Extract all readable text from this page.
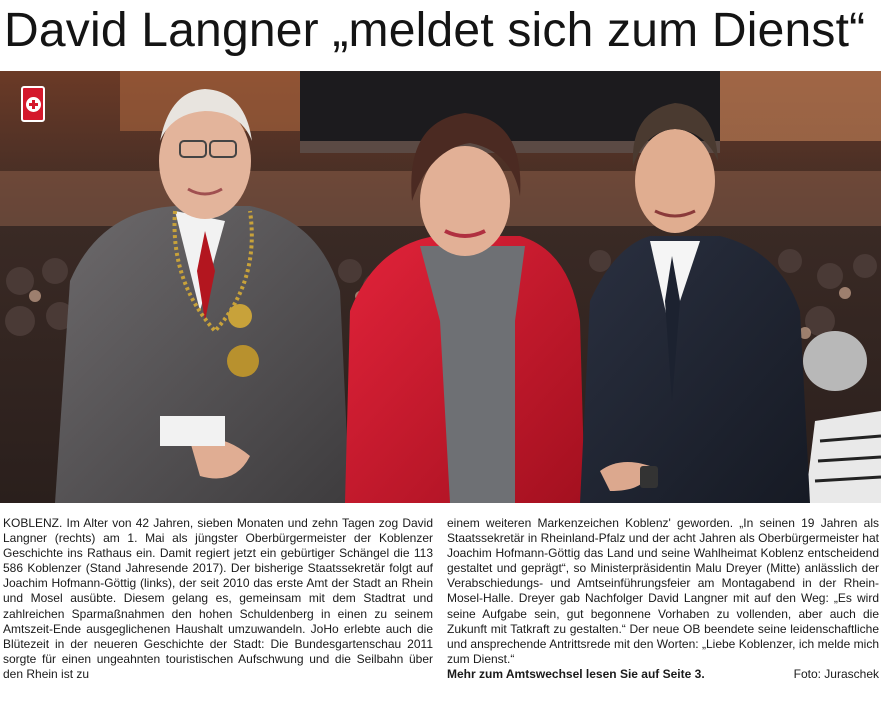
David Langner „meldet sich zum Dienst“

KOBLENZ. Im Alter von 42 Jahren, sieben Monaten und zehn Tagen zog David Langner (rechts) am 1. Mai als jüngster Oberbürgermeister der Koblenzer Geschichte ins Rathaus ein. Damit regiert jetzt ein gebürtiger Schängel die 113 586 Koblenzer (Stand Jahresende 2017). Der bisherige Staatssekretär folgt auf Joachim Hofmann-Göttig (links), der seit 2010 das erste Amt der Stadt an Rhein und Mosel ausübte. Diesem gelang es, gemeinsam mit dem Stadtrat und zahlreichen Sparmaßnahmen den hohen Schuldenberg in einen zu seinem Amtszeit-Ende ausgeglichenen Haushalt umzuwandeln. JoHo erlebte auch die Blütezeit in der neueren Geschichte der Stadt: Die Bundesgartenschau 2011 sorgte für einen ungeahnten touristischen Aufschwung und die Seilbahn über den Rhein ist zu

einem weiteren Markenzeichen Koblenz' geworden. „In seinen 19 Jahren als Staatssekretär in Rheinland-Pfalz und der acht Jahren als Oberbürgermeister hat Joachim Hofmann-Göttig das Land und seine Wahlheimat Koblenz entscheidend gestaltet und geprägt“, so Ministerpräsidentin Malu Dreyer (Mitte) anlässlich der Verabschiedungs- und Amtseinführungsfeier am Montagabend in der Rhein-Mosel-Halle. Dreyer gab Nachfolger David Langner mit auf den Weg: „Es wird seine Aufgabe sein, gut begonnene Vorhaben zu vollenden, aber auch die Zukunft mit Tatkraft zu gestalten.“ Der neue OB beendete seine leidenschaftliche und ansprechende Antrittsrede mit den Worten: „Liebe Koblenzer, ich melde mich zum Dienst.“

Mehr zum Amtswechsel lesen Sie auf Seite 3.	Foto: Juraschek
